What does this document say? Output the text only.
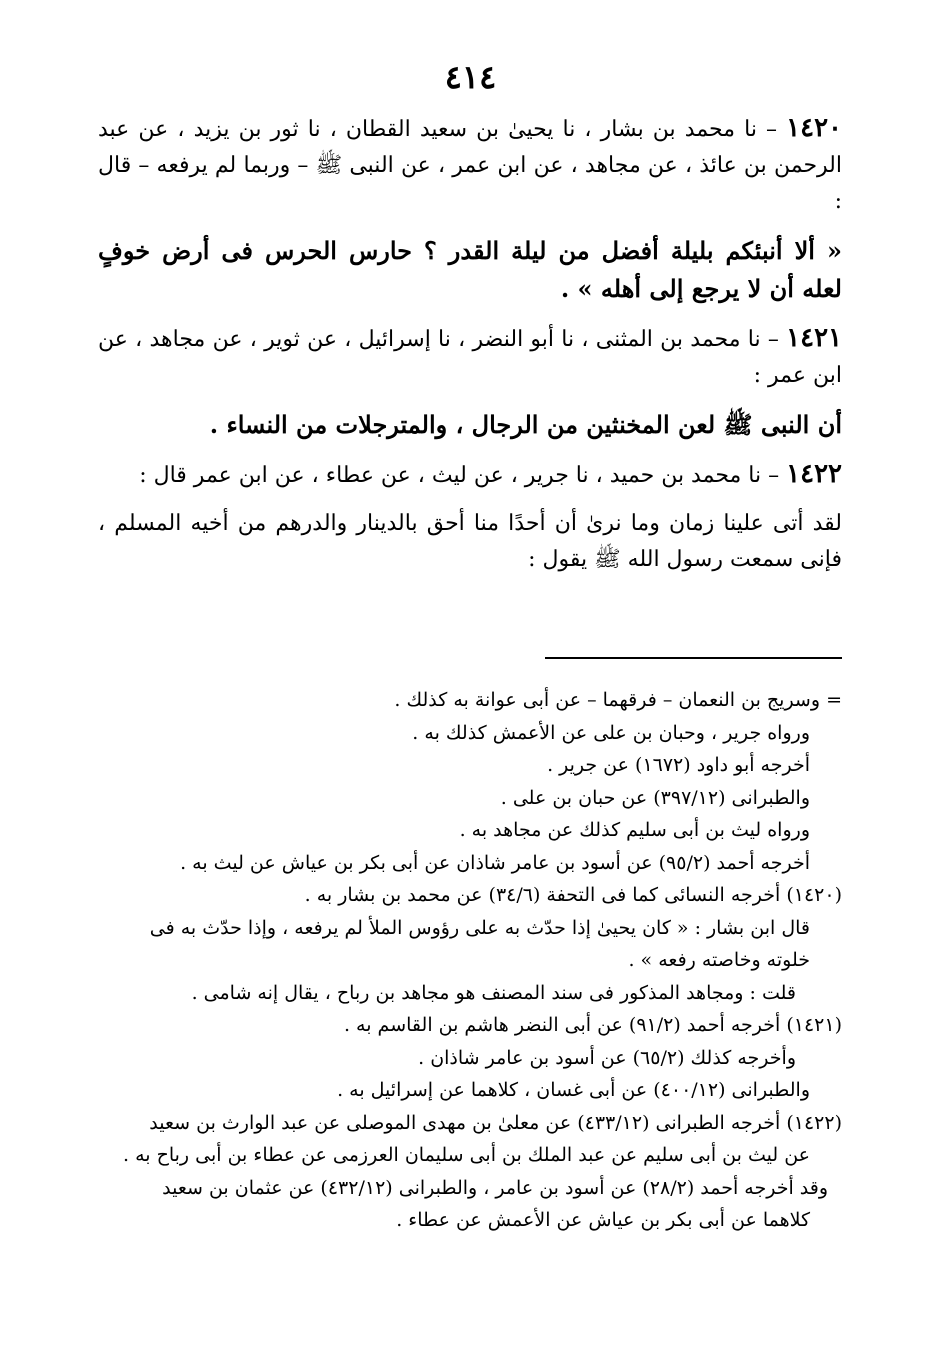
٤١٤

١٤٢٠ – نا محمد بن بشار ، نا يحيىٰ بن سعيد القطان ، نا ثور بن يزيد ، عن عبد الرحمن بن عائذ ، عن مجاهد ، عن ابن عمر ، عن النبى ﷺ – وربما لم يرفعه – قال :

« ألا أنبئكم بليلة أفضل من ليلة القدر ؟ حارس الحرس فى أرض خوفٍ لعله أن لا يرجع إلى أهله » .

١٤٢١ – نا محمد بن المثنى ، نا أبو النضر ، نا إسرائيل ، عن ثوير ، عن مجاهد ، عن ابن عمر :

أن النبى ﷺ لعن المخنثين من الرجال ، والمترجلات من النساء .

١٤٢٢ – نا محمد بن حميد ، نا جرير ، عن ليث ، عن عطاء ، عن ابن عمر قال :

لقد أتى علينا زمان وما نرىٰ أن أحدًا منا أحق بالدينار والدرهم من أخيه المسلم ، فإنى سمعت رسول الله ﷺ يقول :

= وسريج بن النعمان – فرقهما – عن أبى عوانة به كذلك .

ورواه جرير ، وحبان بن على عن الأعمش كذلك به .

أخرجه أبو داود (١٦٧٢) عن جرير .

والطبرانى (٣٩٧/١٢) عن حبان بن على .

ورواه ليث بن أبى سليم كذلك عن مجاهد به .

أخرجه أحمد (٩٥/٢) عن أسود بن عامر شاذان عن أبى بكر بن عياش عن ليث به .

(١٤٢٠) أخرجه النسائى كما فى التحفة (٣٤/٦) عن محمد بن بشار به .

قال ابن بشار : « كان يحيىٰ إذا حدّث به على رؤوس الملأ لم يرفعه ، وإذا حدّث به فى

خلوته وخاصته رفعه » .

قلت : ومجاهد المذكور فى سند المصنف هو مجاهد بن رباح ، يقال إنه شامى .

(١٤٢١) أخرجه أحمد (٩١/٢) عن أبى النضر هاشم بن القاسم به .

وأخرجه كذلك (٦٥/٢) عن أسود بن عامر شاذان .

والطبرانى (٤٠٠/١٢) عن أبى غسان ، كلاهما عن إسرائيل به .

(١٤٢٢) أخرجه الطبرانى (٤٣٣/١٢) عن معلىٰ بن مهدى الموصلى عن عبد الوارث بن سعيد

عن ليث بن أبى سليم عن عبد الملك بن أبى سليمان العرزمى عن عطاء بن أبى رباح به .

وقد أخرجه أحمد (٢٨/٢) عن أسود بن عامر ، والطبرانى (٤٣٢/١٢) عن عثمان بن سعيد

كلاهما عن أبى بكر بن عياش عن الأعمش عن عطاء .
